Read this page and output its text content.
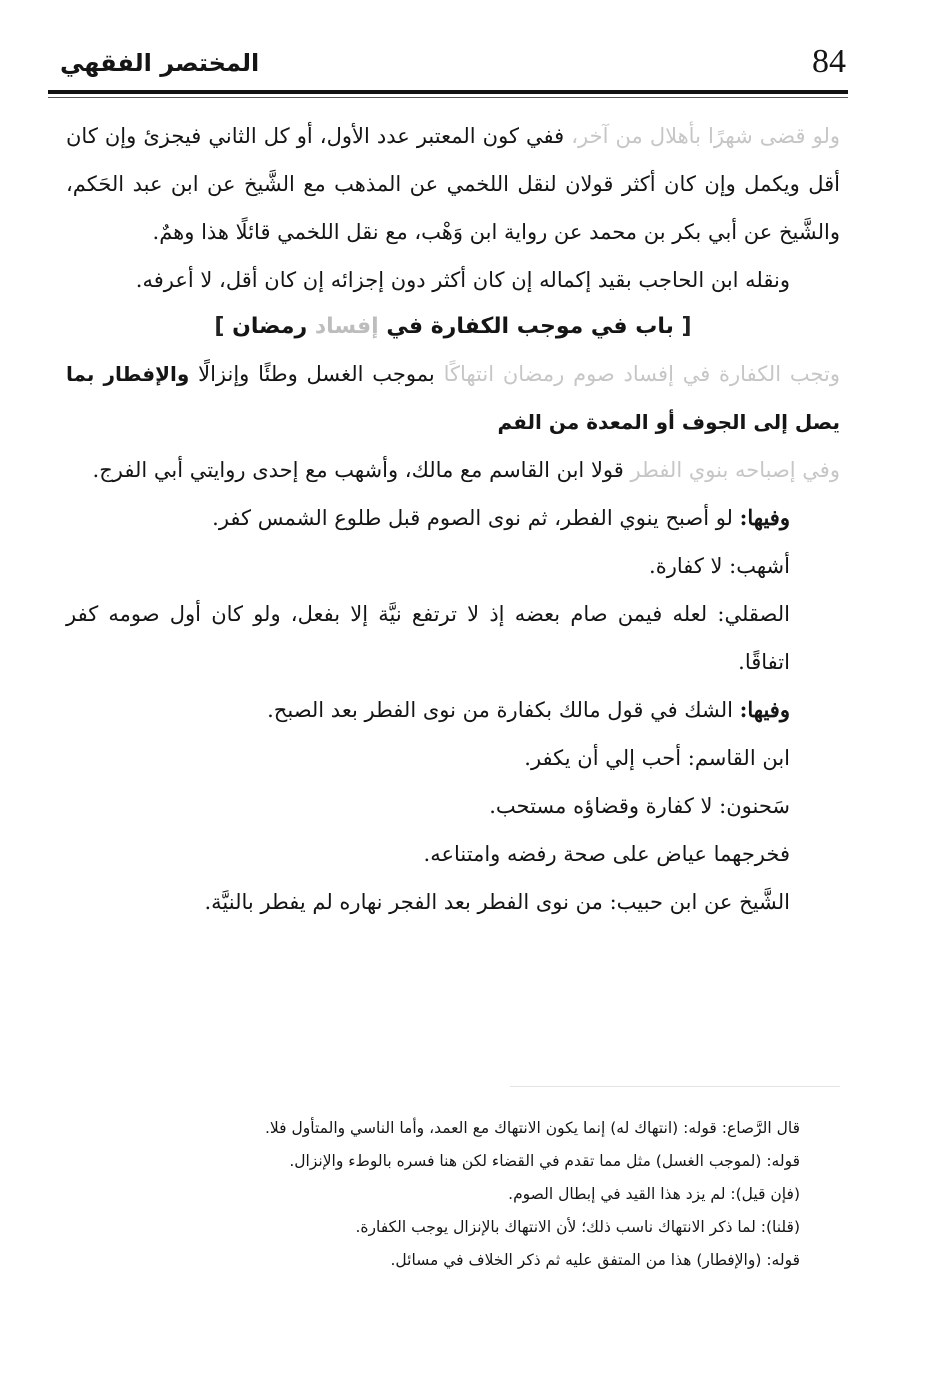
84
المختصر الفقهي

ولو قضى شهرًا بأهلال من آخر، ففي كون المعتبر عدد الأول، أو كل الثاني فيجزئ وإن كان أقل ويكمل وإن كان أكثر قولان لنقل اللخمي عن المذهب مع الشَّيخ عن ابن عبد الحَكم، والشَّيخ عن أبي بكر بن محمد عن رواية ابن وَهْب، مع نقل اللخمي قائلًا هذا وهمٌ.

ونقله ابن الحاجب بقيد إكماله إن كان أكثر دون إجزائه إن كان أقل، لا أعرفه.

[ باب في موجب الكفارة في إفساد رمضان ]

وتجب الكفارة في إفساد صوم رمضان انتهاكًا بموجب الغسل وطئًا وإنزالًا والإفطار بما يصل إلى الجوف أو المعدة من الفم

وفي إصباحه بنوي الفطر قولا ابن القاسم مع مالك، وأشهب مع إحدى روايتي أبي الفرج.

وفيها: لو أصبح ينوي الفطر، ثم نوى الصوم قبل طلوع الشمس كفر.

أشهب: لا كفارة.

الصقلي: لعله فيمن صام بعضه إذ لا ترتفع نيَّة إلا بفعل، ولو كان أول صومه كفر اتفاقًا.

وفيها: الشك في قول مالك بكفارة من نوى الفطر بعد الصبح.

ابن القاسم: أحب إلي أن يكفر.

سَحنون: لا كفارة وقضاؤه مستحب.

فخرجهما عياض على صحة رفضه وامتناعه.

الشَّيخ عن ابن حبيب: من نوى الفطر بعد الفجر نهاره لم يفطر بالنيَّة.

قال الرَّصاع: قوله: (انتهاك له) إنما يكون الانتهاك مع العمد، وأما الناسي والمتأول فلا.

قوله: (لموجب الغسل) مثل مما تقدم في القضاء لكن هنا فسره بالوطء والإنزال.

(فإن قيل): لم يزد هذا القيد في إبطال الصوم.

(قلنا): لما ذكر الانتهاك ناسب ذلك؛ لأن الانتهاك بالإنزال يوجب الكفارة.

قوله: (والإفطار) هذا من المتفق عليه ثم ذكر الخلاف في مسائل.
